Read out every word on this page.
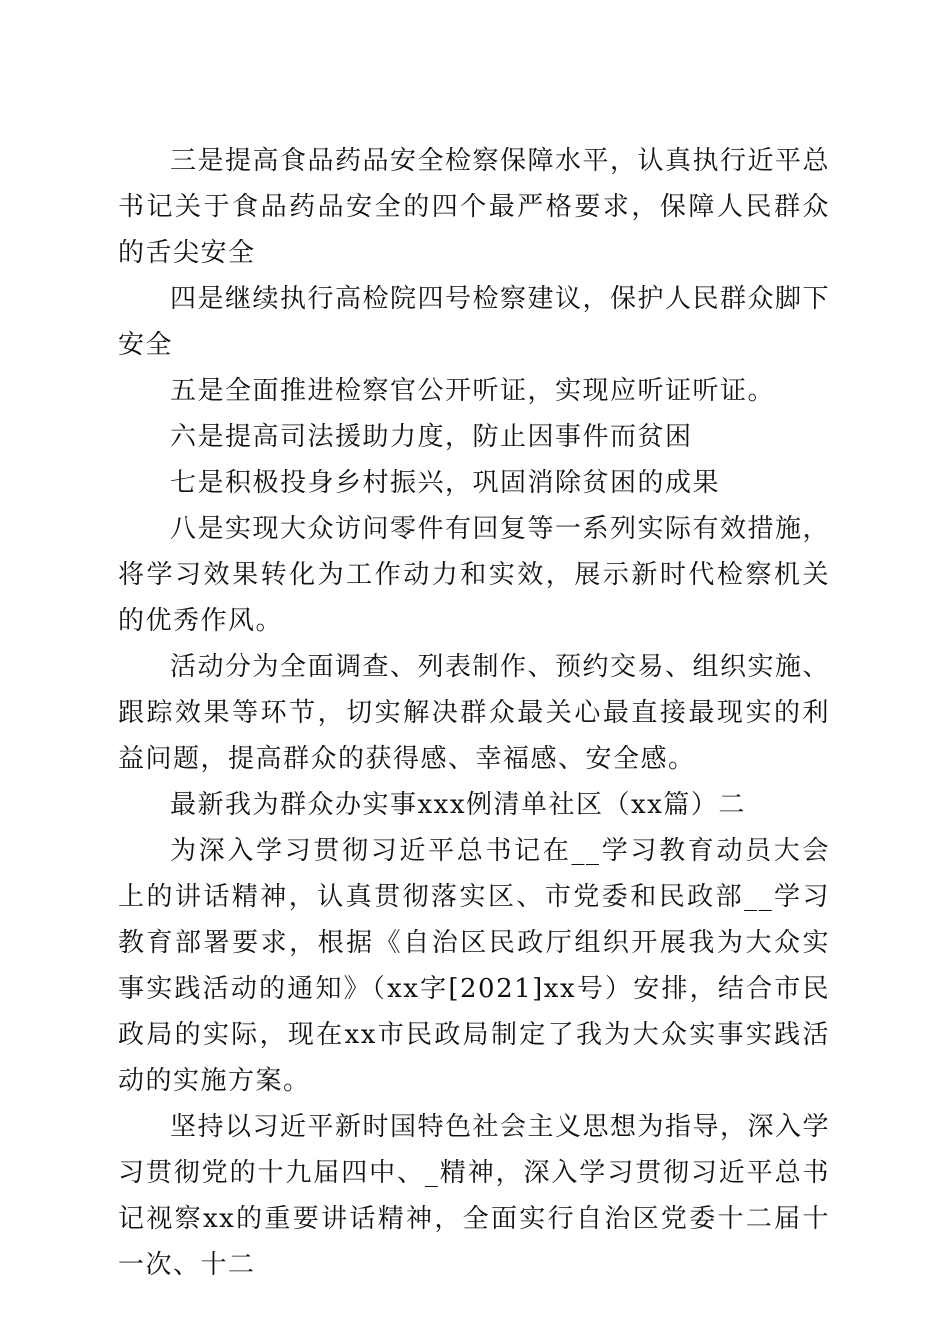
三是提高食品药品安全检察保障水平，认真执行近平总书记关于食品药品安全的四个最严格要求，保障人民群众的舌尖安全

四是继续执行高检院四号检察建议，保护人民群众脚下安全

五是全面推进检察官公开听证，实现应听证听证。

六是提高司法援助力度，防止因事件而贫困

七是积极投身乡村振兴，巩固消除贫困的成果

八是实现大众访问零件有回复等一系列实际有效措施，将学习效果转化为工作动力和实效，展示新时代检察机关的优秀作风。

活动分为全面调查、列表制作、预约交易、组织实施、跟踪效果等环节，切实解决群众最关心最直接最现实的利益问题，提高群众的获得感、幸福感、安全感。

最新我为群众办实事xxx例清单社区（xx篇）二

为深入学习贯彻习近平总书记在__学习教育动员大会上的讲话精神，认真贯彻落实区、市党委和民政部__学习教育部署要求，根据《自治区民政厅组织开展我为大众实事实践活动的通知》（xx字[2021]xx号）安排，结合市民政局的实际，现在xx市民政局制定了我为大众实事实践活动的实施方案。

坚持以习近平新时国特色社会主义思想为指导，深入学习贯彻党的十九届四中、_精神，深入学习贯彻习近平总书记视察xx的重要讲话精神，全面实行自治区党委十二届十一次、十二
